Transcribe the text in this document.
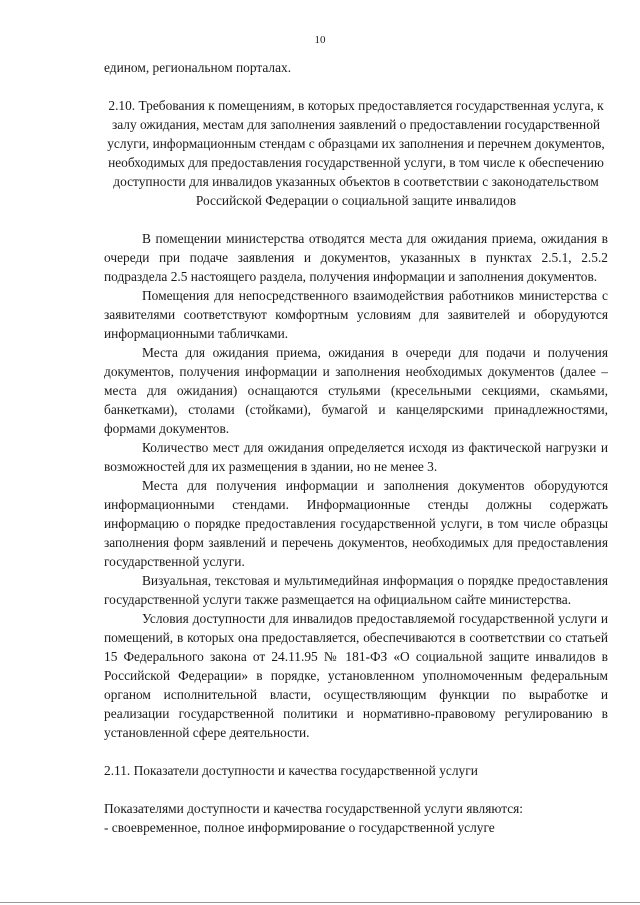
10

едином, региональном порталах.

2.10. Требования к помещениям, в которых предоставляется государственная услуга, к залу ожидания, местам для заполнения заявлений о предоставлении государственной услуги, информационным стендам с образцами их заполнения и перечнем документов, необходимых для предоставления государственной услуги, в том числе к обеспечению доступности для инвалидов указанных объектов в соответствии с законодательством Российской Федерации о социальной защите инвалидов

В помещении министерства отводятся места для ожидания приема, ожидания в очереди при подаче заявления и документов, указанных в пунктах 2.5.1, 2.5.2 подраздела 2.5 настоящего раздела, получения информации и заполнения документов.

Помещения для непосредственного взаимодействия работников министерства с заявителями соответствуют комфортным условиям для заявителей и оборудуются информационными табличками.

Места для ожидания приема, ожидания в очереди для подачи и получения документов, получения информации и заполнения необходимых документов (далее – места для ожидания) оснащаются стульями (кресельными секциями, скамьями, банкетками), столами (стойками), бумагой и канцелярскими принадлежностями, формами документов.

Количество мест для ожидания определяется исходя из фактической нагрузки и возможностей для их размещения в здании, но не менее 3.

Места для получения информации и заполнения документов оборудуются информационными стендами. Информационные стенды должны содержать информацию о порядке предоставления государственной услуги, в том числе образцы заполнения форм заявлений и перечень документов, необходимых для предоставления государственной услуги.

Визуальная, текстовая и мультимедийная информация о порядке предоставления государственной услуги также размещается на официальном сайте министерства.

Условия доступности для инвалидов предоставляемой государственной услуги и помещений, в которых она предоставляется, обеспечиваются в соответствии со статьей 15 Федерального закона от 24.11.95 № 181-ФЗ «О социальной защите инвалидов в Российской Федерации» в порядке, установленном уполномоченным федеральным органом исполнительной власти, осуществляющим функции по выработке и реализации государственной политики и нормативно-правовому регулированию в установленной сфере деятельности.

2.11. Показатели доступности и качества государственной услуги

Показателями доступности и качества государственной услуги являются:

- своевременное, полное информирование о государственной услуге
